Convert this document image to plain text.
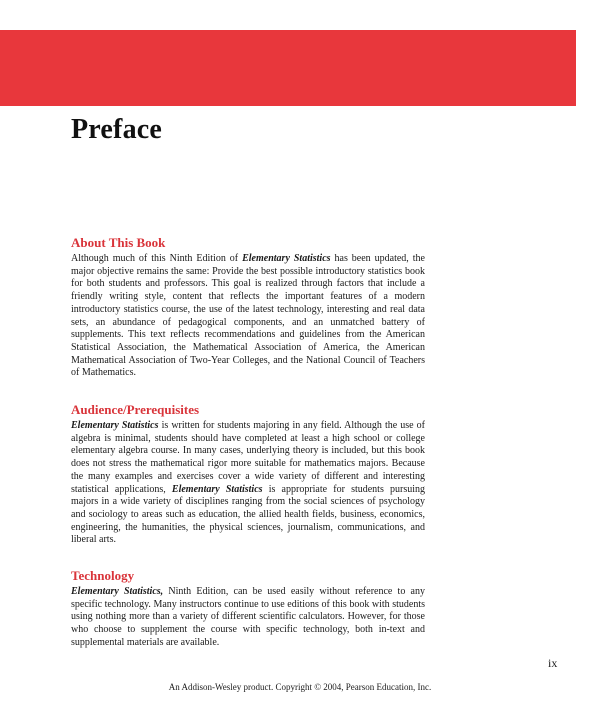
Preface
About This Book

Although much of this Ninth Edition of Elementary Statistics has been updated, the major objective remains the same: Provide the best possible introductory statistics book for both students and professors. This goal is realized through factors that include a friendly writing style, content that reflects the important features of a modern introductory statistics course, the use of the latest technology, interesting and real data sets, an abundance of pedagogical components, and an unmatched battery of supplements. This text reflects recommendations and guidelines from the American Statistical Association, the Mathematical Association of America, the American Mathematical Association of Two-Year Colleges, and the National Council of Teachers of Mathematics.

Audience/Prerequisites

Elementary Statistics is written for students majoring in any field. Although the use of algebra is minimal, students should have completed at least a high school or college elementary algebra course. In many cases, underlying theory is included, but this book does not stress the mathematical rigor more suitable for mathematics majors. Because the many examples and exercises cover a wide variety of different and interesting statistical applications, Elementary Statistics is appropriate for students pursuing majors in a wide variety of disciplines ranging from the social sciences of psychology and sociology to areas such as education, the allied health fields, business, economics, engineering, the humanities, the physical sciences, journalism, communications, and liberal arts.

Technology

Elementary Statistics, Ninth Edition, can be used easily without reference to any specific technology. Many instructors continue to use editions of this book with students using nothing more than a variety of different scientific calculators. However, for those who choose to supplement the course with specific technology, both in-text and supplemental materials are available.

ix
An Addison-Wesley product. Copyright © 2004, Pearson Education, Inc.
